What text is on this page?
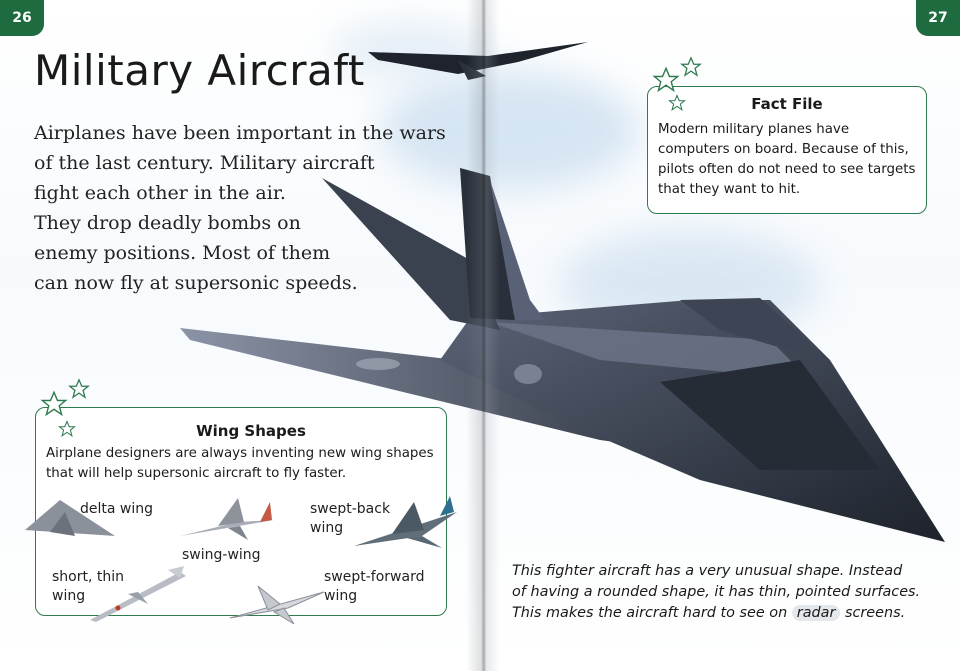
26	27
Military Aircraft
Airplanes have been important in the wars
of the last century. Military aircraft
fight each other in the air.
They drop deadly bombs on
enemy positions. Most of them
can now fly at supersonic speeds.
Fact File
Modern military planes have computers on board. Because of this, pilots often do not need to see targets that they want to hit.
Wing Shapes
Airplane designers are always inventing new wing shapes that will help supersonic aircraft to fly faster.
delta wing
swing-wing
swept-back
wing
short, thin
wing
swept-forward
wing
This fighter aircraft has a very unusual shape. Instead
of having a rounded shape, it has thin, pointed surfaces.
This makes the aircraft hard to see on radar screens.
